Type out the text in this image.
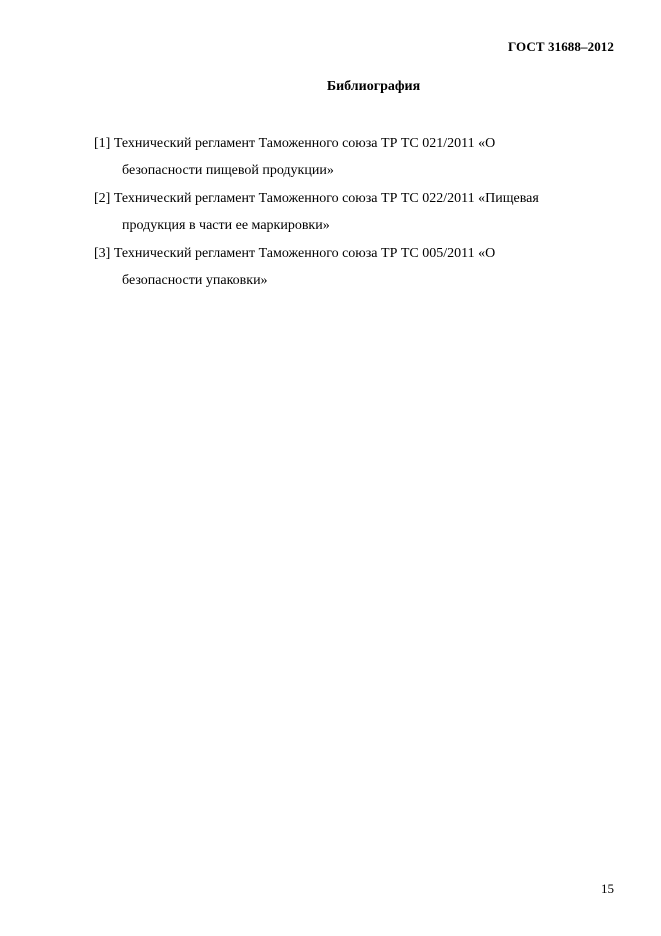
ГОСТ 31688–2012
Библиография
[1] Технический регламент Таможенного союза ТР ТС 021/2011 «О
безопасности пищевой продукции»
[2] Технический регламент Таможенного союза ТР ТС 022/2011 «Пищевая
продукция в части ее маркировки»
[3] Технический регламент Таможенного союза ТР ТС 005/2011 «О
безопасности упаковки»
15
